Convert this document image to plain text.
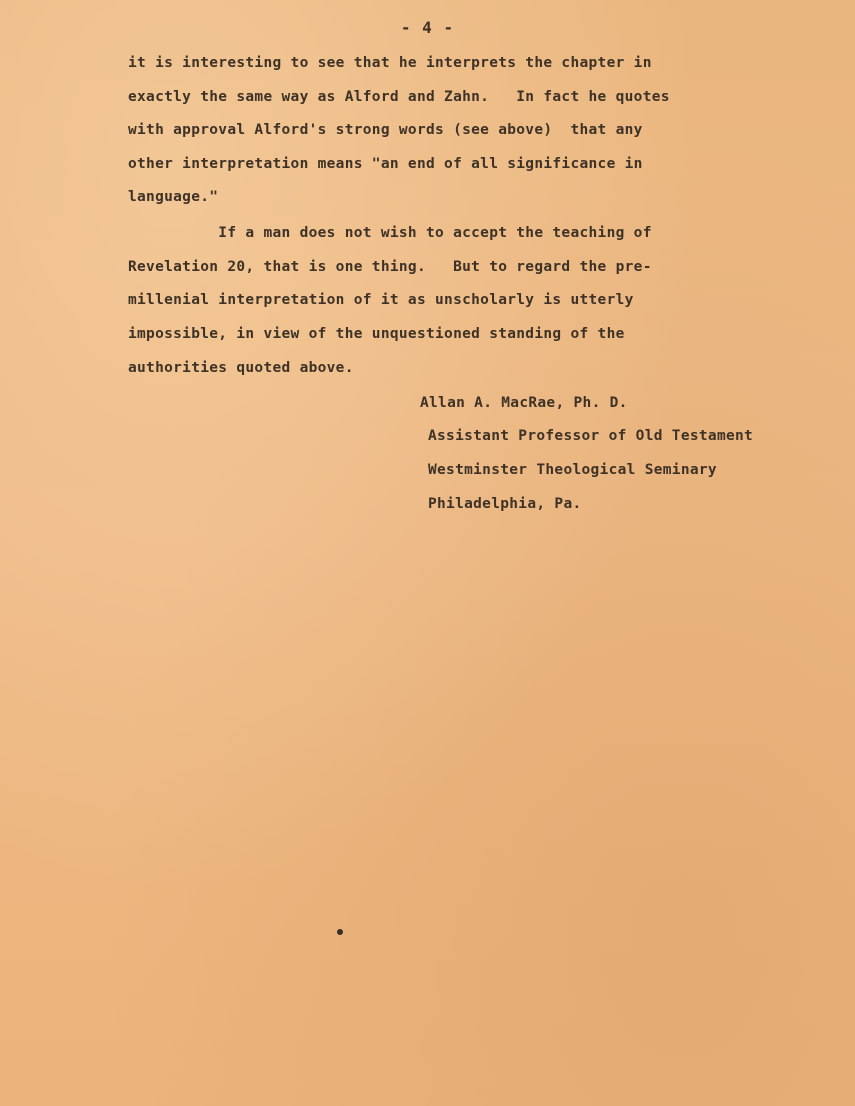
- 4 -
it is interesting to see that he interprets the chapter in
exactly the same way as Alford and Zahn.   In fact he quotes
with approval Alford's strong words (see above)  that any
other interpretation means "an end of all significance in
language."
If a man does not wish to accept the teaching of
Revelation 20, that is one thing.   But to regard the pre-
millenial interpretation of it as unscholarly is utterly
impossible, in view of the unquestioned standing of the
authorities quoted above.
Allan A. MacRae, Ph. D.
Assistant Professor of Old Testament
Westminster Theological Seminary
Philadelphia, Pa.
